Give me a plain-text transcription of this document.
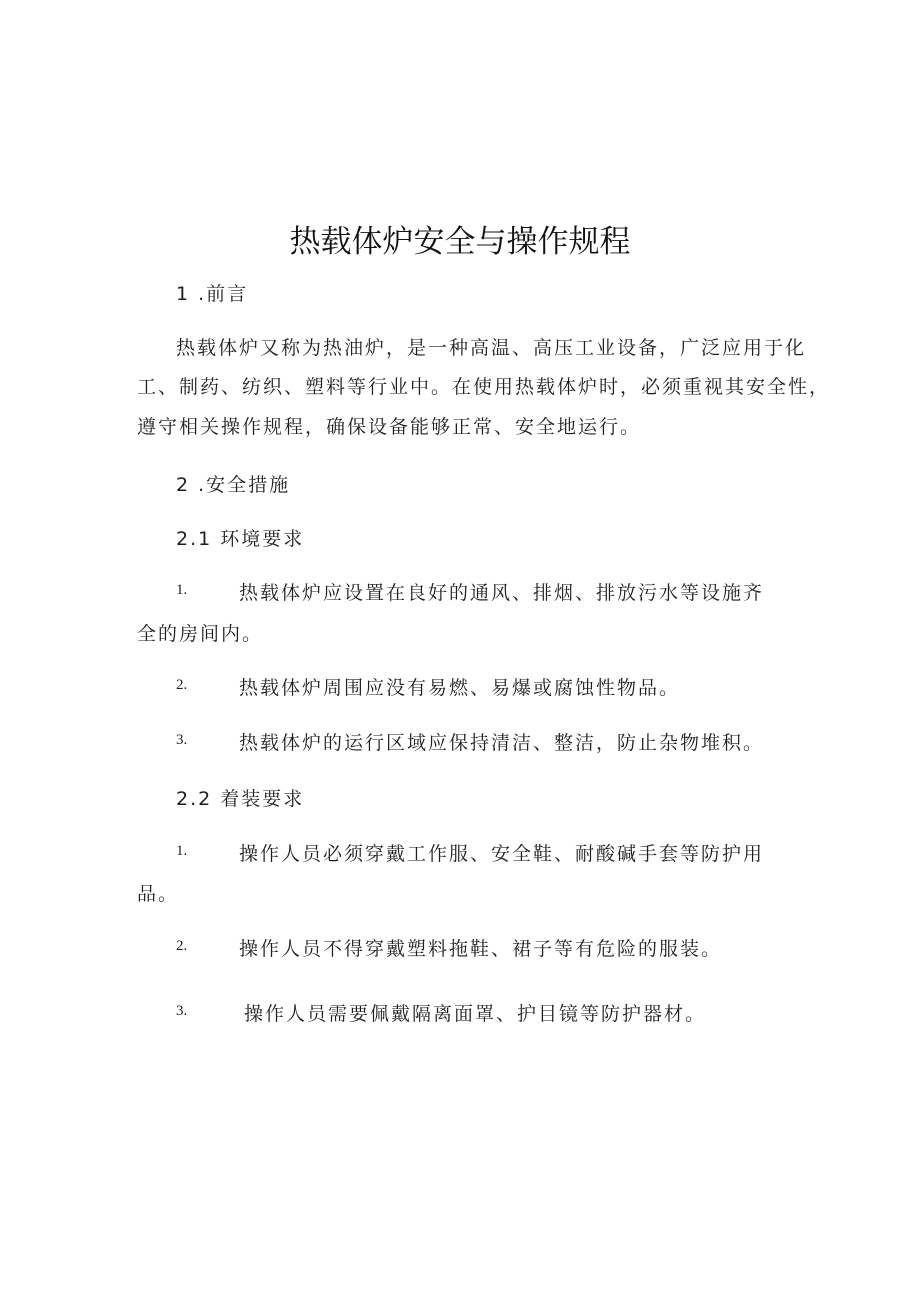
热载体炉安全与操作规程
1 .前言
热载体炉又称为热油炉，是一种高温、高压工业设备，广泛应用于化
工、制药、纺织、塑料等行业中。在使用热载体炉时，必须重视其安全性，
遵守相关操作规程，确保设备能够正常、安全地运行。
2 .安全措施
2.1 环境要求
1.	热载体炉应设置在良好的通风、排烟、排放污水等设施齐
全的房间内。
2.	热载体炉周围应没有易燃、易爆或腐蚀性物品。
3.	热载体炉的运行区域应保持清洁、整洁，防止杂物堆积。
2.2 着装要求
1.	操作人员必须穿戴工作服、安全鞋、耐酸碱手套等防护用
品。
2.	操作人员不得穿戴塑料拖鞋、裙子等有危险的服装。
3.	操作人员需要佩戴隔离面罩、护目镜等防护器材。
